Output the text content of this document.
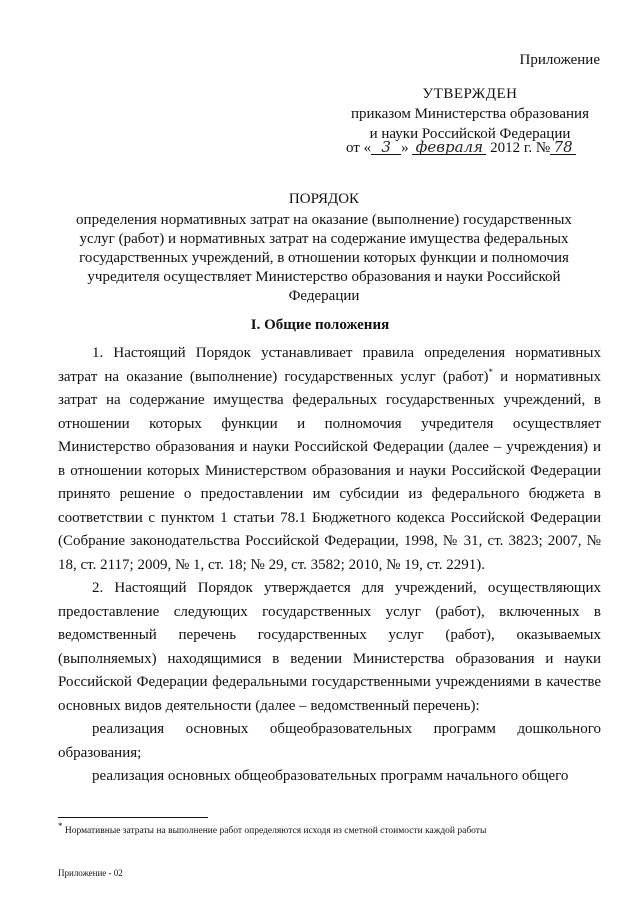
Приложение
УТВЕРЖДЕН
приказом Министерства образования
и науки Российской Федерации
от « 3 » февраля 2012 г. № 78
ПОРЯДОК
определения нормативных затрат на оказание (выполнение) государственных услуг (работ) и нормативных затрат на содержание имущества федеральных государственных учреждений, в отношении которых функции и полномочия учредителя осуществляет Министерство образования и науки Российской Федерации
I. Общие положения

1. Настоящий Порядок устанавливает правила определения нормативных затрат на оказание (выполнение) государственных услуг (работ)* и нормативных затрат на содержание имущества федеральных государственных учреждений, в отношении которых функции и полномочия учредителя осуществляет Министерство образования и науки Российской Федерации (далее – учреждения) и в отношении которых Министерством образования и науки Российской Федерации принято решение о предоставлении им субсидии из федерального бюджета в соответствии с пунктом 1 статьи 78.1 Бюджетного кодекса Российской Федерации (Собрание законодательства Российской Федерации, 1998, № 31, ст. 3823; 2007, № 18, ст. 2117; 2009, № 1, ст. 18; № 29, ст. 3582; 2010, № 19, ст. 2291).

2. Настоящий Порядок утверждается для учреждений, осуществляющих предоставление следующих государственных услуг (работ), включенных в ведомственный перечень государственных услуг (работ), оказываемых (выполняемых) находящимися в ведении Министерства образования и науки Российской Федерации федеральными государственными учреждениями в качестве основных видов деятельности (далее – ведомственный перечень):

реализация основных общеобразовательных программ дошкольного образования;

реализация основных общеобразовательных программ начального общего

* Нормативные затраты на выполнение работ определяются исходя из сметной стоимости каждой работы
Приложение - 02
